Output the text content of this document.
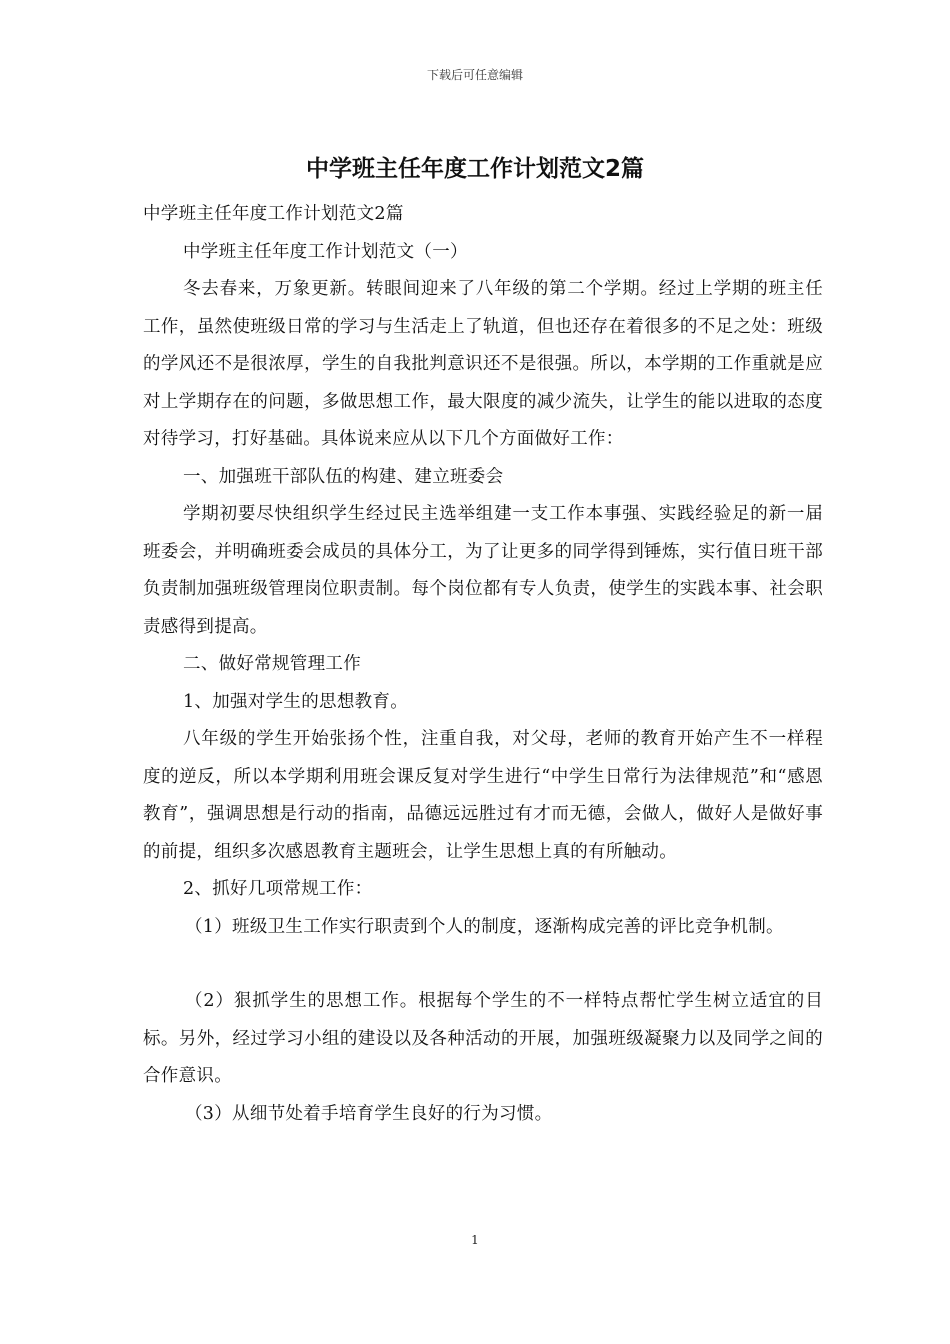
下载后可任意编辑
中学班主任年度工作计划范文2篇

中学班主任年度工作计划范文2篇

中学班主任年度工作计划范文（一）

冬去春来，万象更新。转眼间迎来了八年级的第二个学期。经过上学期的班主任工作，虽然使班级日常的学习与生活走上了轨道，但也还存在着很多的不足之处：班级的学风还不是很浓厚，学生的自我批判意识还不是很强。所以，本学期的工作重就是应对上学期存在的问题，多做思想工作，最大限度的减少流失，让学生的能以进取的态度对待学习，打好基础。具体说来应从以下几个方面做好工作：

一、加强班干部队伍的构建、建立班委会

学期初要尽快组织学生经过民主选举组建一支工作本事强、实践经验足的新一届班委会，并明确班委会成员的具体分工，为了让更多的同学得到锤炼，实行值日班干部负责制加强班级管理岗位职责制。每个岗位都有专人负责，使学生的实践本事、社会职责感得到提高。

二、做好常规管理工作

1、加强对学生的思想教育。

八年级的学生开始张扬个性，注重自我，对父母，老师的教育开始产生不一样程度的逆反，所以本学期利用班会课反复对学生进行“中学生日常行为法律规范”和“感恩教育”，强调思想是行动的指南，品德远远胜过有才而无德，会做人，做好人是做好事的前提，组织多次感恩教育主题班会，让学生思想上真的有所触动。

2、抓好几项常规工作：

（1）班级卫生工作实行职责到个人的制度，逐渐构成完善的评比竞争机制。

（2）狠抓学生的思想工作。根据每个学生的不一样特点帮忙学生树立适宜的目标。另外，经过学习小组的建设以及各种活动的开展，加强班级凝聚力以及同学之间的合作意识。

（3）从细节处着手培育学生良好的行为习惯。

1
